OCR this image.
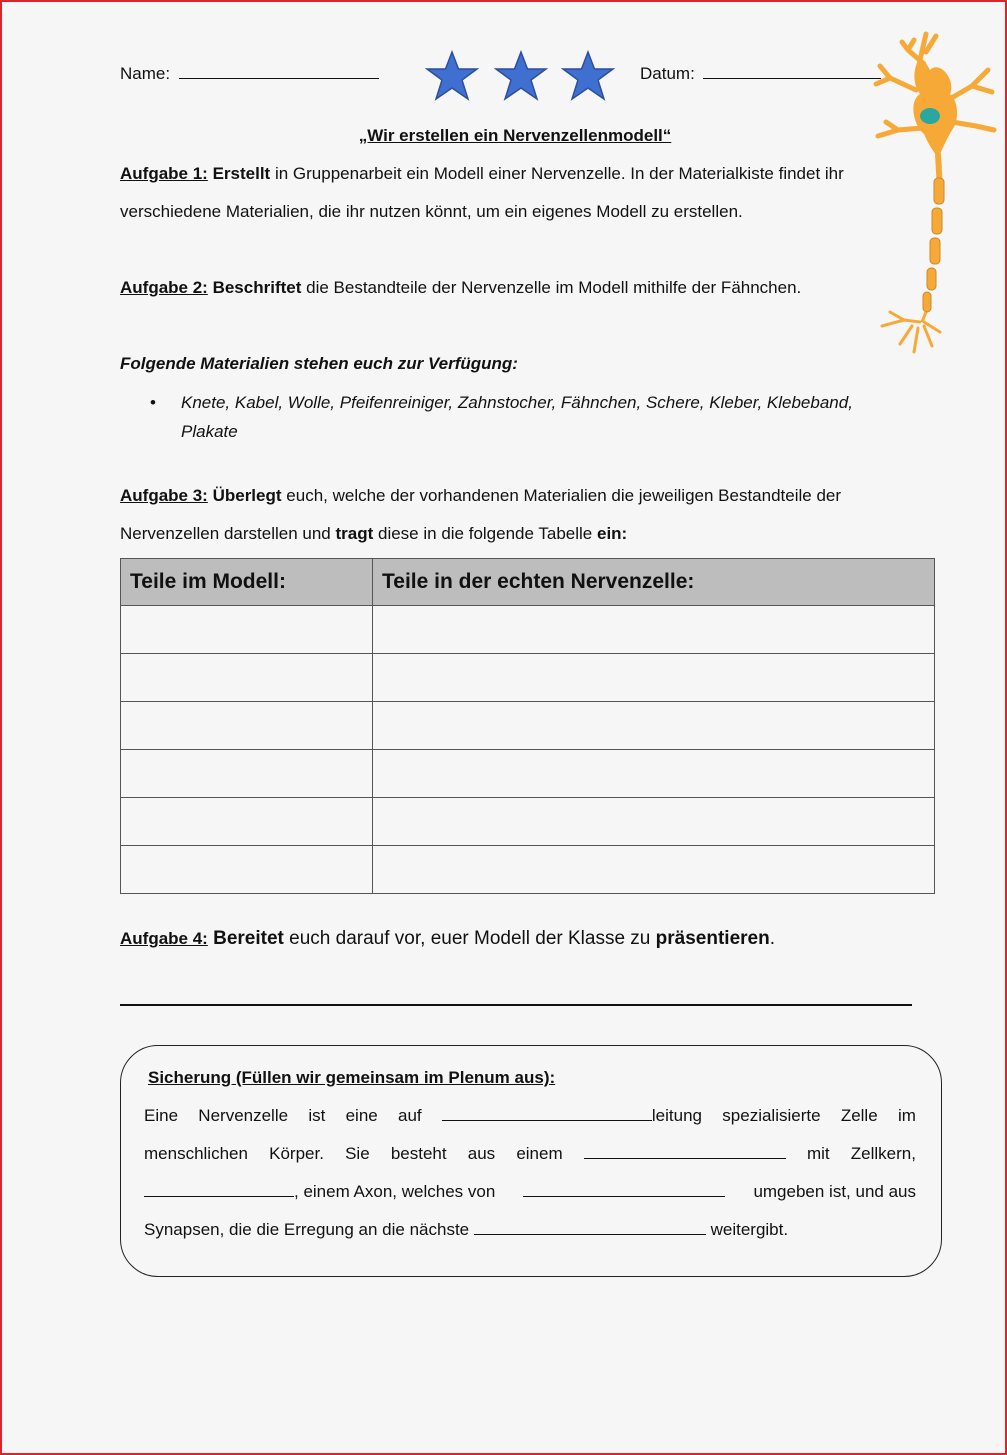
Name:	Datum:
„Wir erstellen ein Nervenzellenmodell“
Aufgabe 1: Erstellt in Gruppenarbeit ein Modell einer Nervenzelle. In der Materialkiste findet ihr
verschiedene Materialien, die ihr nutzen könnt, um ein eigenes Modell zu erstellen.
Aufgabe 2: Beschriftet die Bestandteile der Nervenzelle im Modell mithilfe der Fähnchen.
Folgende Materialien stehen euch zur Verfügung:
• Knete, Kabel, Wolle, Pfeifenreiniger, Zahnstocher, Fähnchen, Schere, Kleber, Klebeband,
Plakate
Aufgabe 3: Überlegt euch, welche der vorhandenen Materialien die jeweiligen Bestandteile der
Nervenzellen darstellen und tragt diese in die folgende Tabelle ein:
Teile im Modell:	Teile in der echten Nervenzelle:

Aufgabe 4: Bereitet euch darauf vor, euer Modell der Klasse zu präsentieren.
Sicherung (Füllen wir gemeinsam im Plenum aus):
Eine Nervenzelle ist eine auf	leitung spezialisierte Zelle im
menschlichen Körper. Sie besteht aus einem	mit Zellkern,
, einem Axon, welches von	umgeben ist, und aus
Synapsen, die die Erregung an die nächste	weitergibt.
